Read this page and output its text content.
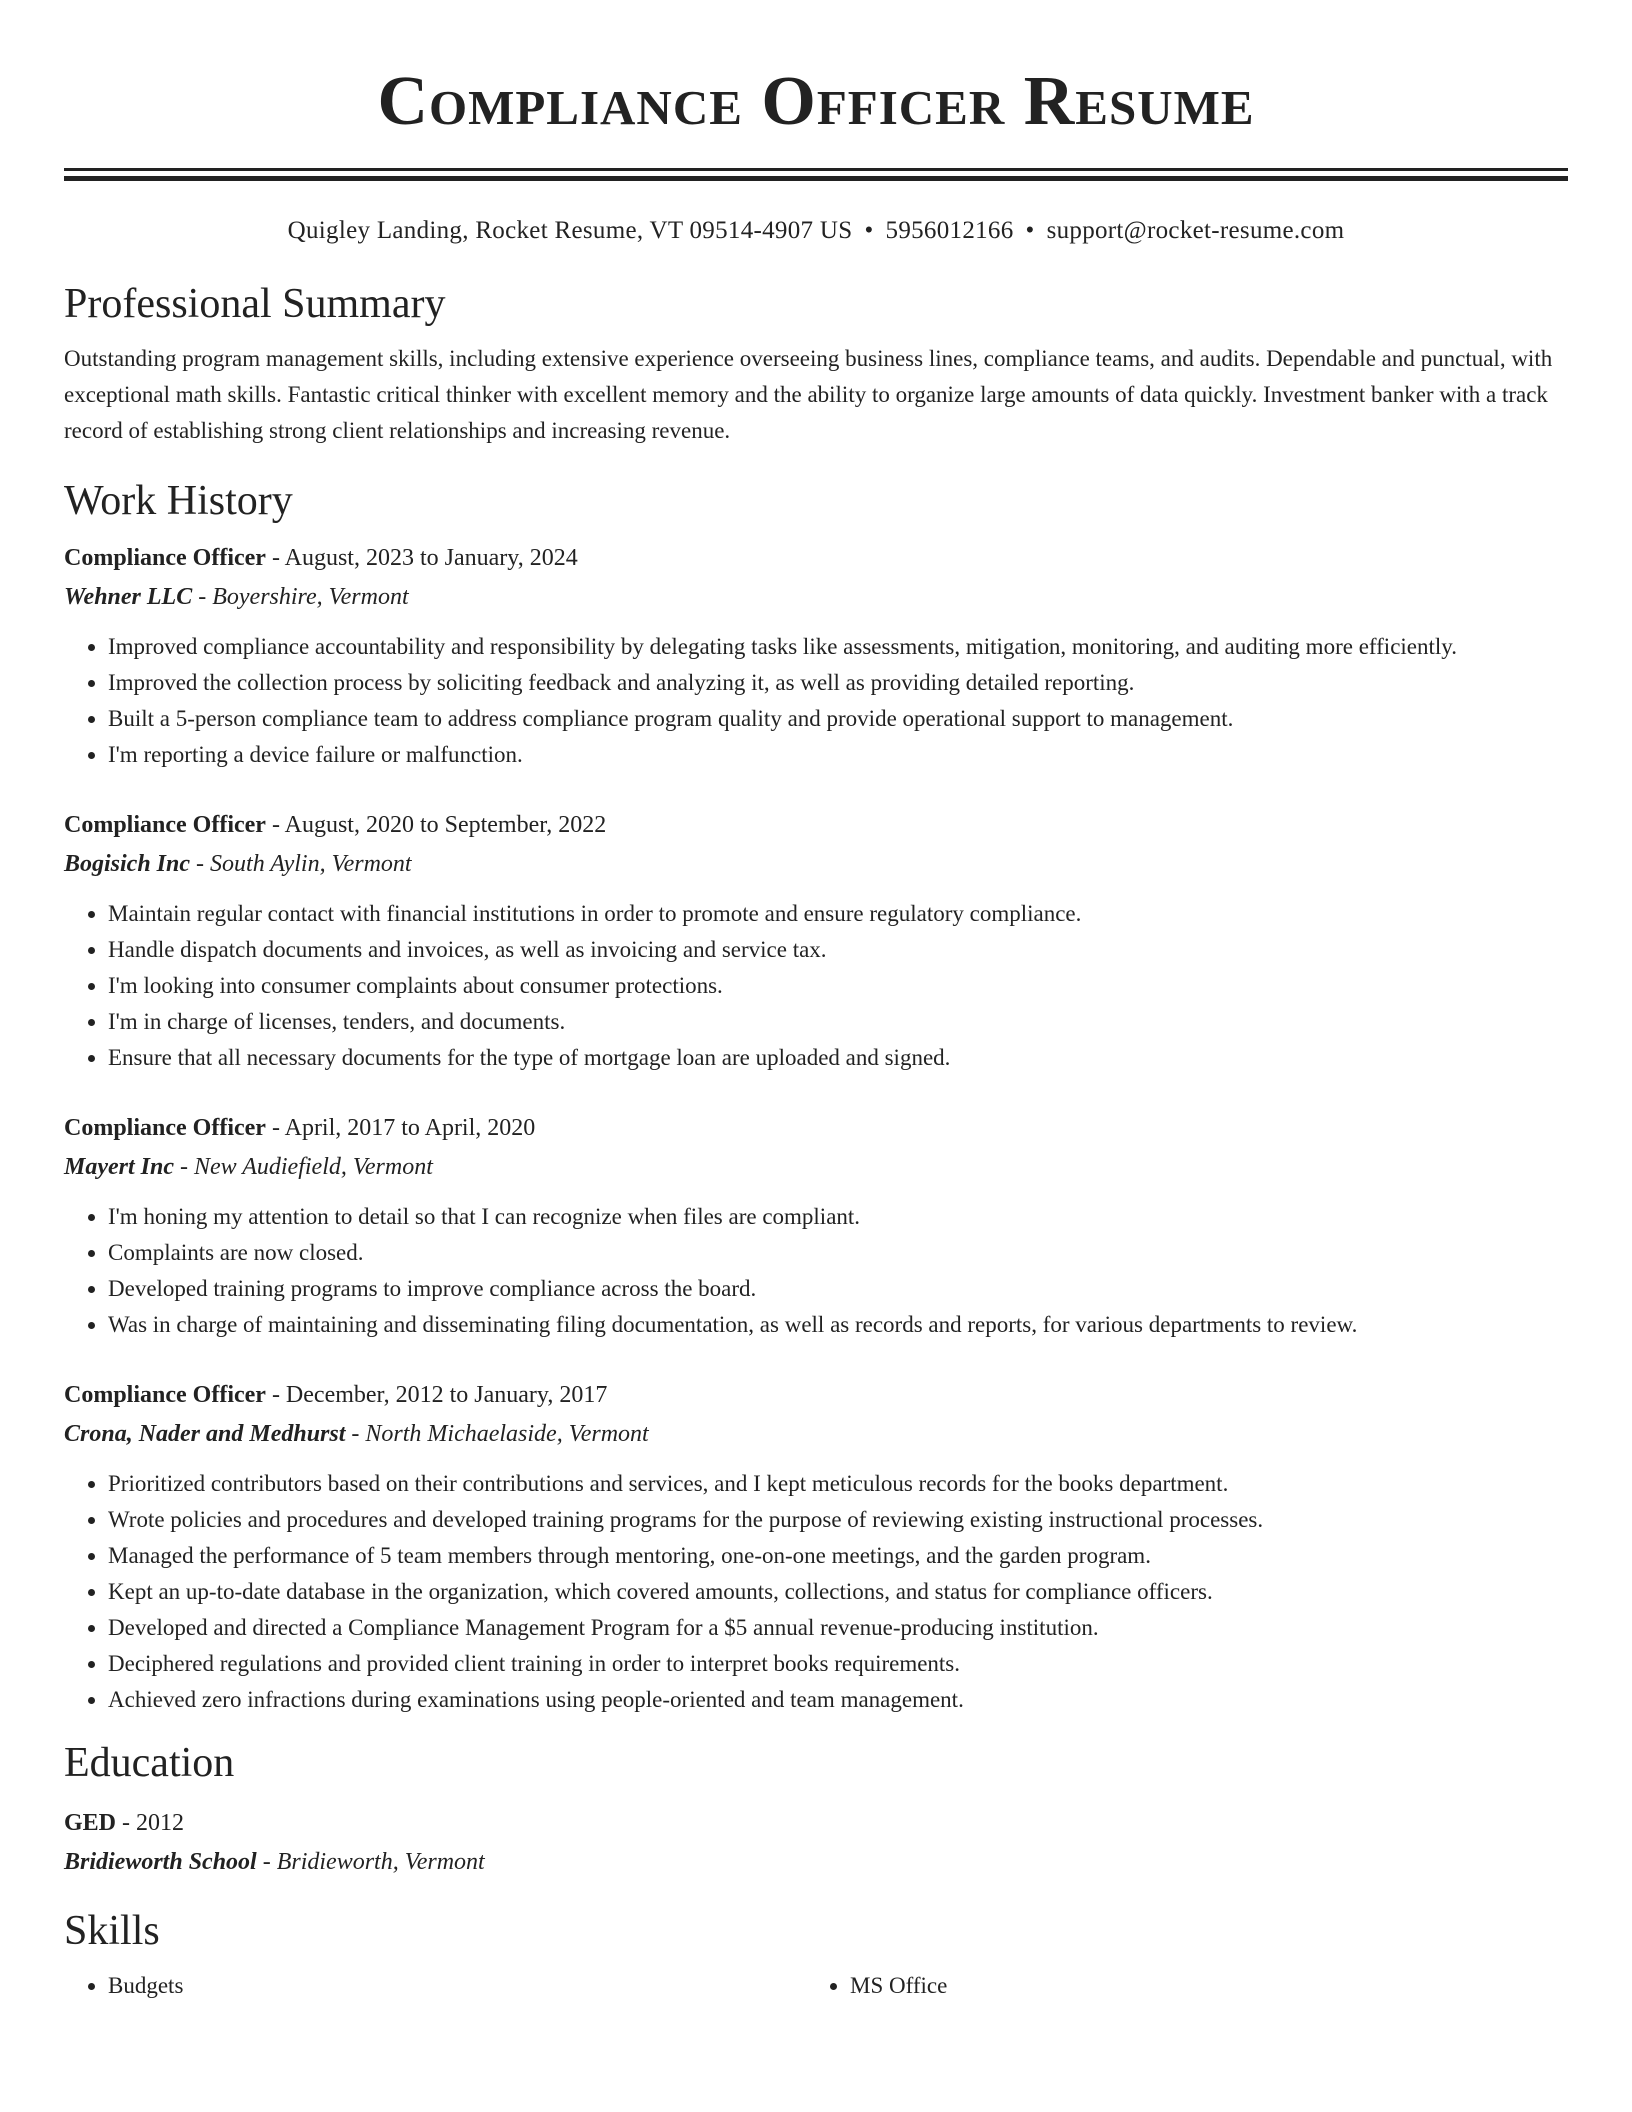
Compliance Officer Resume
Quigley Landing, Rocket Resume, VT 09514-4907 US • 5956012166 • support@rocket-resume.com
Professional Summary

Outstanding program management skills, including extensive experience overseeing business lines, compliance teams, and audits. Dependable and punctual, with exceptional math skills. Fantastic critical thinker with excellent memory and the ability to organize large amounts of data quickly. Investment banker with a track record of establishing strong client relationships and increasing revenue.

Work History
Compliance Officer - August, 2023 to January, 2024
Wehner LLC - Boyershire, Vermont
• Improved compliance accountability and responsibility by delegating tasks like assessments, mitigation, monitoring, and auditing more efficiently.
• Improved the collection process by soliciting feedback and analyzing it, as well as providing detailed reporting.
• Built a 5-person compliance team to address compliance program quality and provide operational support to management.
• I'm reporting a device failure or malfunction.
Compliance Officer - August, 2020 to September, 2022
Bogisich Inc - South Aylin, Vermont
• Maintain regular contact with financial institutions in order to promote and ensure regulatory compliance.
• Handle dispatch documents and invoices, as well as invoicing and service tax.
• I'm looking into consumer complaints about consumer protections.
• I'm in charge of licenses, tenders, and documents.
• Ensure that all necessary documents for the type of mortgage loan are uploaded and signed.
Compliance Officer - April, 2017 to April, 2020
Mayert Inc - New Audiefield, Vermont
• I'm honing my attention to detail so that I can recognize when files are compliant.
• Complaints are now closed.
• Developed training programs to improve compliance across the board.
• Was in charge of maintaining and disseminating filing documentation, as well as records and reports, for various departments to review.
Compliance Officer - December, 2012 to January, 2017
Crona, Nader and Medhurst - North Michaelaside, Vermont
• Prioritized contributors based on their contributions and services, and I kept meticulous records for the books department.
• Wrote policies and procedures and developed training programs for the purpose of reviewing existing instructional processes.
• Managed the performance of 5 team members through mentoring, one-on-one meetings, and the garden program.
• Kept an up-to-date database in the organization, which covered amounts, collections, and status for compliance officers.
• Developed and directed a Compliance Management Program for a $5 annual revenue-producing institution.
• Deciphered regulations and provided client training in order to interpret books requirements.
• Achieved zero infractions during examinations using people-oriented and team management.
Education
GED - 2012
Bridieworth School - Bridieworth, Vermont
Skills
• Budgets
•	MS Office
